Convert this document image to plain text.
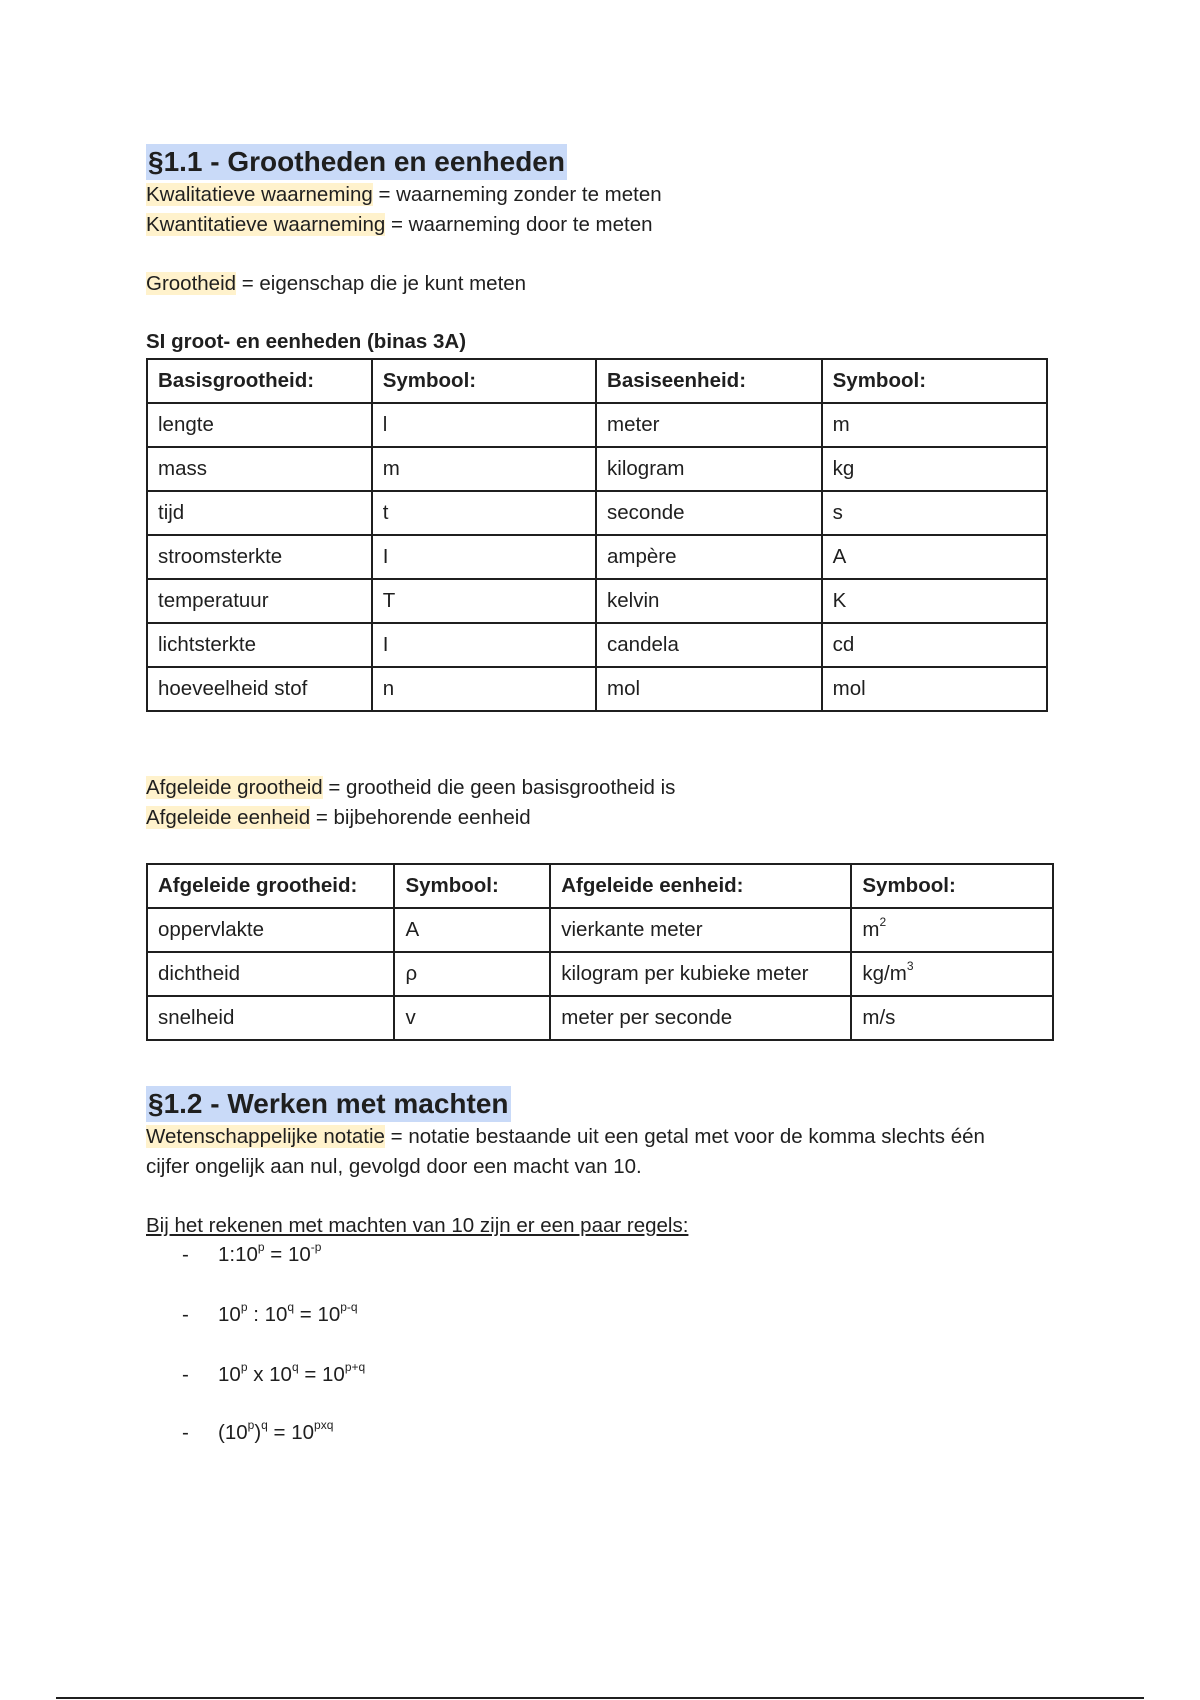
§1.1 - Grootheden en eenheden
Kwalitatieve waarneming = waarneming zonder te meten
Kwantitatieve waarneming = waarneming door te meten
Grootheid = eigenschap die je kunt meten
SI groot- en eenheden (binas 3A)
Basisgrootheid:	Symbool:	Basiseenheid:	Symbool:
lengte	l	meter	m
mass	m	kilogram	kg
tijd	t	seconde	s
stroomsterkte	I	ampère	A
temperatuur	T	kelvin	K
lichtsterkte	I	candela	cd
hoeveelheid stof	n	mol	mol
Afgeleide grootheid = grootheid die geen basisgrootheid is
Afgeleide eenheid = bijbehorende eenheid
Afgeleide grootheid:	Symbool:	Afgeleide eenheid:	Symbool:
oppervlakte	A	vierkante meter	$m^2$
dichtheid	ρ	kilogram per kubieke meter	$kg/m^3$
snelheid	v	meter per seconde	m/s
§1.2 - Werken met machten
Wetenschappelijke notatie = notatie bestaande uit een getal met voor de komma slechts één
cijfer ongelijk aan nul, gevolgd door een macht van 10.
Bij het rekenen met machten van 10 zijn er een paar regels:
- $1:10^p = 10^{-p}$
- 10$^p$ : $10^q = 10^{p-q}$
- 10$^p$ x $10^q = 10^{p+q}$
- $(10^p)^q = 10^{pxq}$
